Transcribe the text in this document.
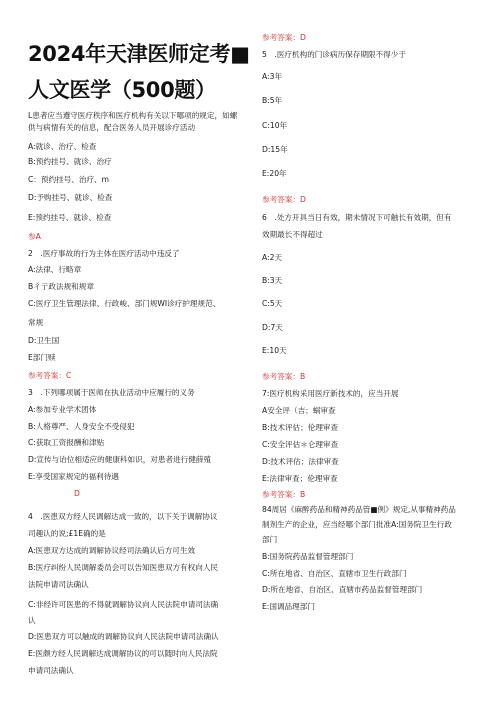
2024年天津医师定考■
人文医学（500题）
L患者应当遵守医疗秩序和医疗机构有关以下哪项的规定，如螺供与病情有关的信息，配合医务人员开展诊疗活动
A:就诊、治疗、检查
B:预约挂号、就诊、治疗
C：预约挂号、治疗、m
D:予购挂号、就诊、检查
E:预约挂号、就诊、检查
参A
2　.医疗事故的行为主体在医疗活动中违反了
A:法律、行略章
B彳亍政法规和规章
C:医疗卫生管理法律、行政峻、部门规WI诊疗护理规范、
常规
D:卫生国
E部门赎
参考答案：C
3　.下列哪项属于医师在执业活动中应履行的义务
A:参加专业学术团体
B:人格尊严、人身安全不受侵犯
C:获取工资报酬和津贴
D:宣传与诒位相适应的健康科如识，对患者进行健薛殖
E:享受国家规定的福利待遇
D
4　.医患双方经人民调解达成一致的，以下关于调解协议
司趣认的说;£1E确的是
A:医患双方达成的调解协议经司法确认后方可生效
B:医疗纠纷人民调解委员会可以告知医患双方有权向人民
法院申请司法确认
C:非经许可医患的不得就调解协议向人民法院申请司法确
认
D:医患双方可以触成的调解协议向人民法院申请司法确认
E:医颇方经人民调解达成调解协议的可以随时向人民法院
申请司法确认
参考答案：D
5　.医疗机构的门诊病历保存期限不得少于
A:3年
B:5年
C:10年
D:15年
E:20年
参考答案：D
6　.处方开具当日有效，期未情况下可触长有效期，但有
效期最长不得超过
A:2天
B:3天
C:5天
D:7天
E:10天
参考答案：B
7:医疗机构采用医疗新技术的，应当开展
A安全评（吉；蜗审查
B:技术评估；伦理审查
C:安全评估＊仑理审查
D:技术评估；法律审查
E:法律审查；伦理审查
参考答案：B
84周居《麻醉药品和精神药品管■例》规定,从事精神药品
制剂生产的企业，应当经哪个部门批准A:国务院卫生行政
部门
B:国务院药品监督管理部门
C:所在地省、自治区、直辖市卫生行政部门
D:所在地省、自治区、直辖市药品监督管理部门
E:国调品理部门
